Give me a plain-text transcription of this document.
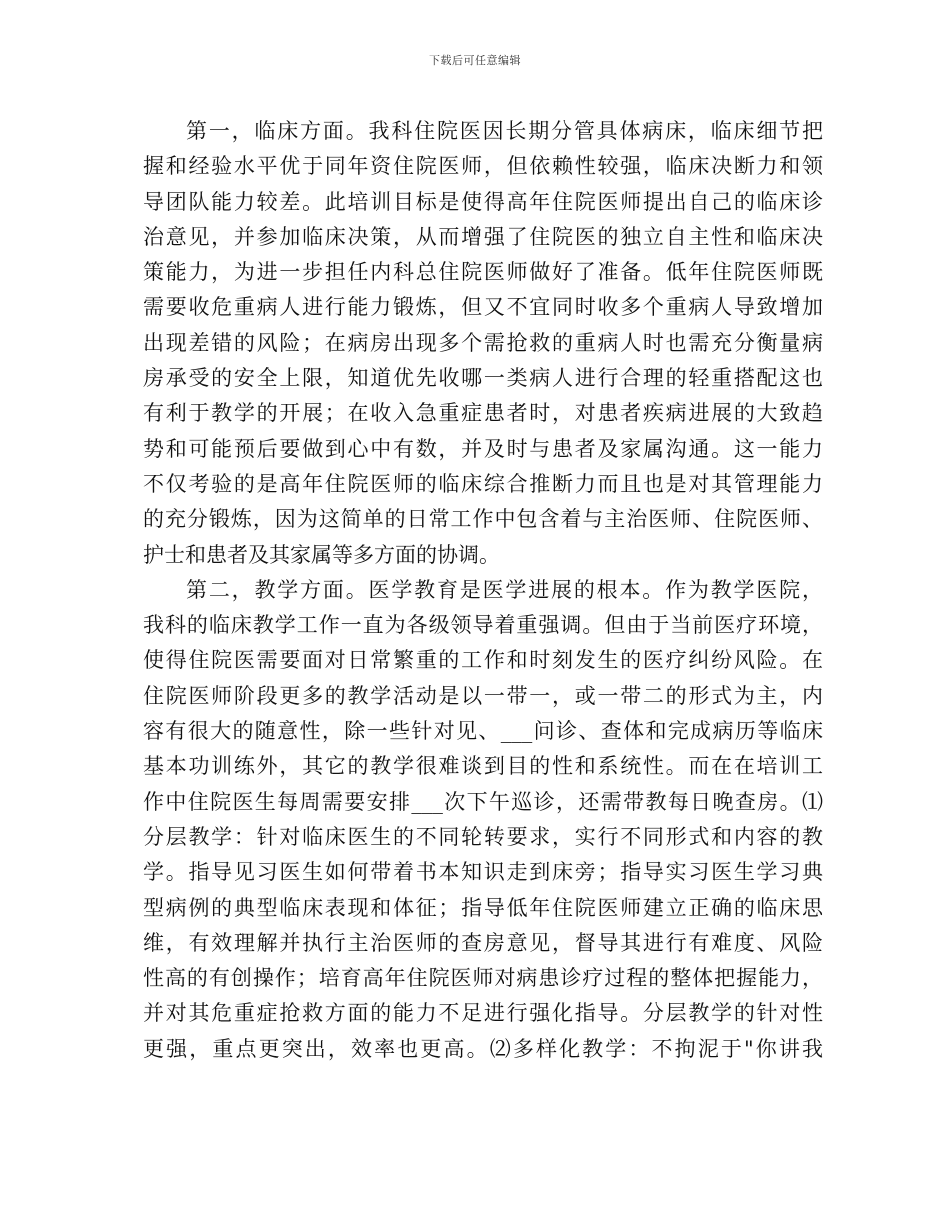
下载后可任意编辑
第一，临床方面。我科住院医因长期分管具体病床，临床细节把
握和经验水平优于同年资住院医师，但依赖性较强，临床决断力和领
导团队能力较差。此培训目标是使得高年住院医师提出自己的临床诊
治意见，并参加临床决策，从而增强了住院医的独立自主性和临床决
策能力，为进一步担任内科总住院医师做好了准备。低年住院医师既
需要收危重病人进行能力锻炼，但又不宜同时收多个重病人导致增加
出现差错的风险；在病房出现多个需抢救的重病人时也需充分衡量病
房承受的安全上限，知道优先收哪一类病人进行合理的轻重搭配这也
有利于教学的开展；在收入急重症患者时，对患者疾病进展的大致趋
势和可能预后要做到心中有数，并及时与患者及家属沟通。这一能力
不仅考验的是高年住院医师的临床综合推断力而且也是对其管理能力
的充分锻炼，因为这简单的日常工作中包含着与主治医师、住院医师、
护士和患者及其家属等多方面的协调。
第二，教学方面。医学教育是医学进展的根本。作为教学医院，
我科的临床教学工作一直为各级领导着重强调。但由于当前医疗环境，
使得住院医需要面对日常繁重的工作和时刻发生的医疗纠纷风险。在
住院医师阶段更多的教学活动是以一带一，或一带二的形式为主，内
容有很大的随意性，除一些针对见、___问诊、查体和完成病历等临床
基本功训练外，其它的教学很难谈到目的性和系统性。而在在培训工
作中住院医生每周需要安排___次下午巡诊，还需带教每日晚查房。⑴
分层教学：针对临床医生的不同轮转要求，实行不同形式和内容的教
学。指导见习医生如何带着书本知识走到床旁；指导实习医生学习典
型病例的典型临床表现和体征；指导低年住院医师建立正确的临床思
维，有效理解并执行主治医师的查房意见，督导其进行有难度、风险
性高的有创操作；培育高年住院医师对病患诊疗过程的整体把握能力，
并对其危重症抢救方面的能力不足进行强化指导。分层教学的针对性
更强，重点更突出，效率也更高。⑵多样化教学：不拘泥于"你讲我
